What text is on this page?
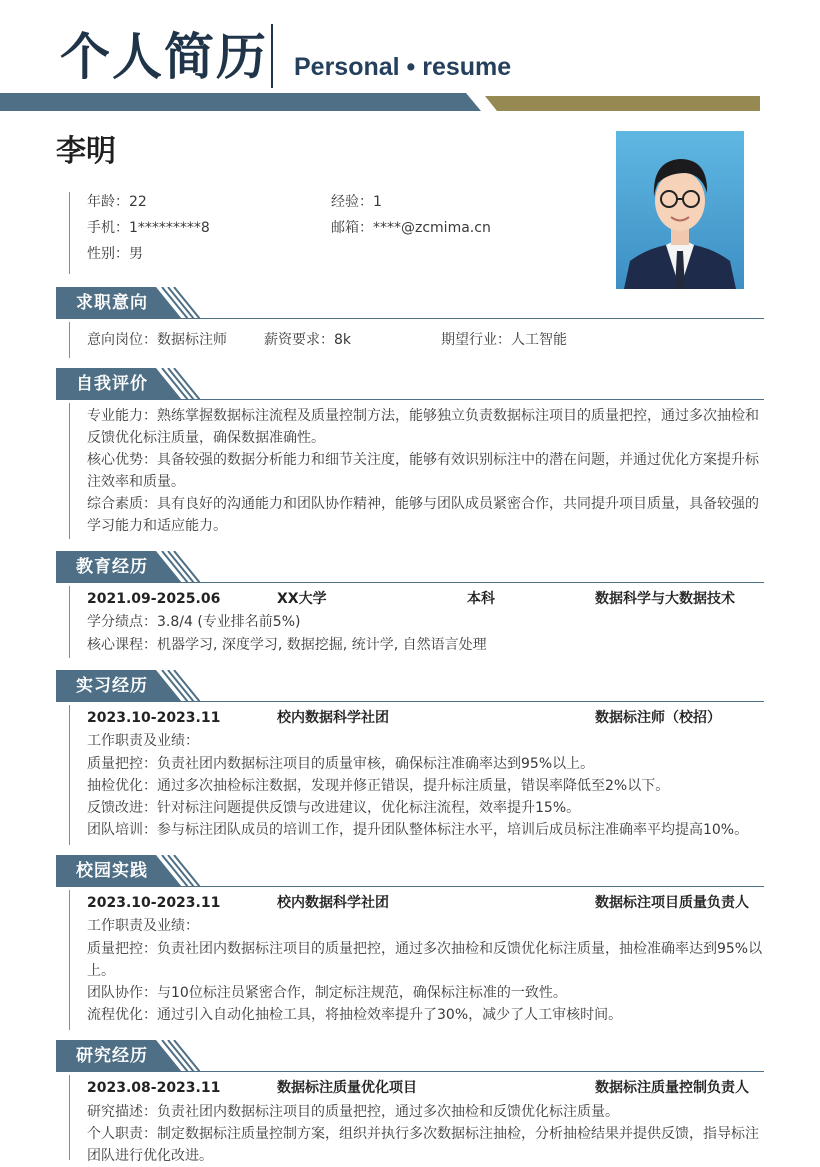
个人简历 Personal • resume
李明
年龄：22	经验：1
手机：1*********8	邮箱：****@zcmima.cn
性别：男
求职意向
意向岗位：数据标注师	薪资要求：8k	期望行业：人工智能
自我评价
专业能力：熟练掌握数据标注流程及质量控制方法，能够独立负责数据标注项目的质量把控，通过多次抽检和反馈优化标注质量，确保数据准确性。
核心优势：具备较强的数据分析能力和细节关注度，能够有效识别标注中的潜在问题，并通过优化方案提升标注效率和质量。
综合素质：具有良好的沟通能力和团队协作精神，能够与团队成员紧密合作，共同提升项目质量，具备较强的学习能力和适应能力。
教育经历
2021.09-2025.06	XX大学	本科	数据科学与大数据技术
学分绩点：3.8/4 (专业排名前5%)
核心课程：机器学习, 深度学习, 数据挖掘, 统计学, 自然语言处理
实习经历
2023.10-2023.11	校内数据科学社团	数据标注师（校招）
工作职责及业绩：
质量把控：负责社团内数据标注项目的质量审核，确保标注准确率达到95%以上。
抽检优化：通过多次抽检标注数据，发现并修正错误，提升标注质量，错误率降低至2%以下。
反馈改进：针对标注问题提供反馈与改进建议，优化标注流程，效率提升15%。
团队培训：参与标注团队成员的培训工作，提升团队整体标注水平，培训后成员标注准确率平均提高10%。
校园实践
2023.10-2023.11	校内数据科学社团	数据标注项目质量负责人
工作职责及业绩：
质量把控：负责社团内数据标注项目的质量把控，通过多次抽检和反馈优化标注质量，抽检准确率达到95%以上。
团队协作：与10位标注员紧密合作，制定标注规范，确保标注标准的一致性。
流程优化：通过引入自动化抽检工具，将抽检效率提升了30%，减少了人工审核时间。
研究经历
2023.08-2023.11	数据标注质量优化项目	数据标注质量控制负责人
研究描述：负责社团内数据标注项目的质量把控，通过多次抽检和反馈优化标注质量。
个人职责：制定数据标注质量控制方案，组织并执行多次数据标注抽检，分析抽检结果并提供反馈，指导标注团队进行优化改进。
